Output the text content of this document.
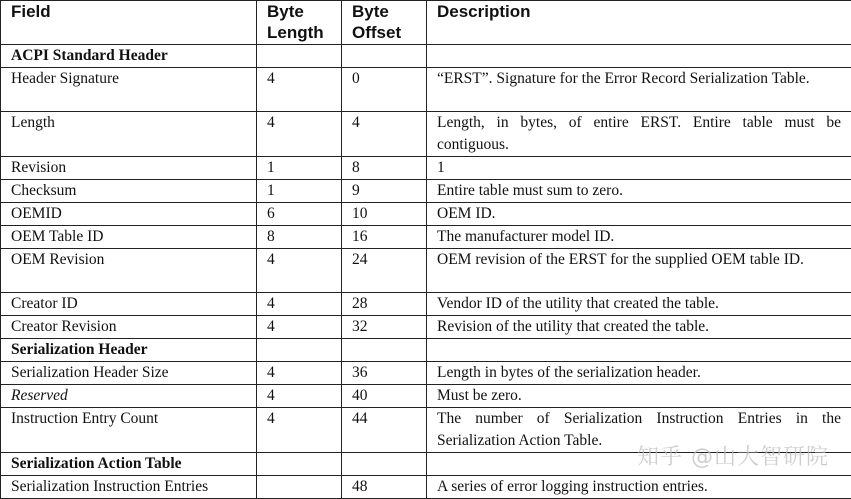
Field	Byte Length	Byte Offset	Description
ACPI Standard Header			
Header Signature	4	0	“ERST”. Signature for the Error Record Serialization Table.
Length	4	4	Length, in bytes, of entire ERST. Entire table must be contiguous.
Revision	1	8	1
Checksum	1	9	Entire table must sum to zero.
OEMID	6	10	OEM ID.
OEM Table ID	8	16	The manufacturer model ID.
OEM Revision	4	24	OEM revision of the ERST for the supplied OEM table ID.
Creator ID	4	28	Vendor ID of the utility that created the table.
Creator Revision	4	32	Revision of the utility that created the table.
Serialization Header			
Serialization Header Size	4	36	Length in bytes of the serialization header.
Reserved	4	40	Must be zero.
Instruction Entry Count	4	44	The number of Serialization Instruction Entries in the Serialization Action Table.
Serialization Action Table			
Serialization Instruction Entries		48	A series of error logging instruction entries.
知乎 @山大智研院
